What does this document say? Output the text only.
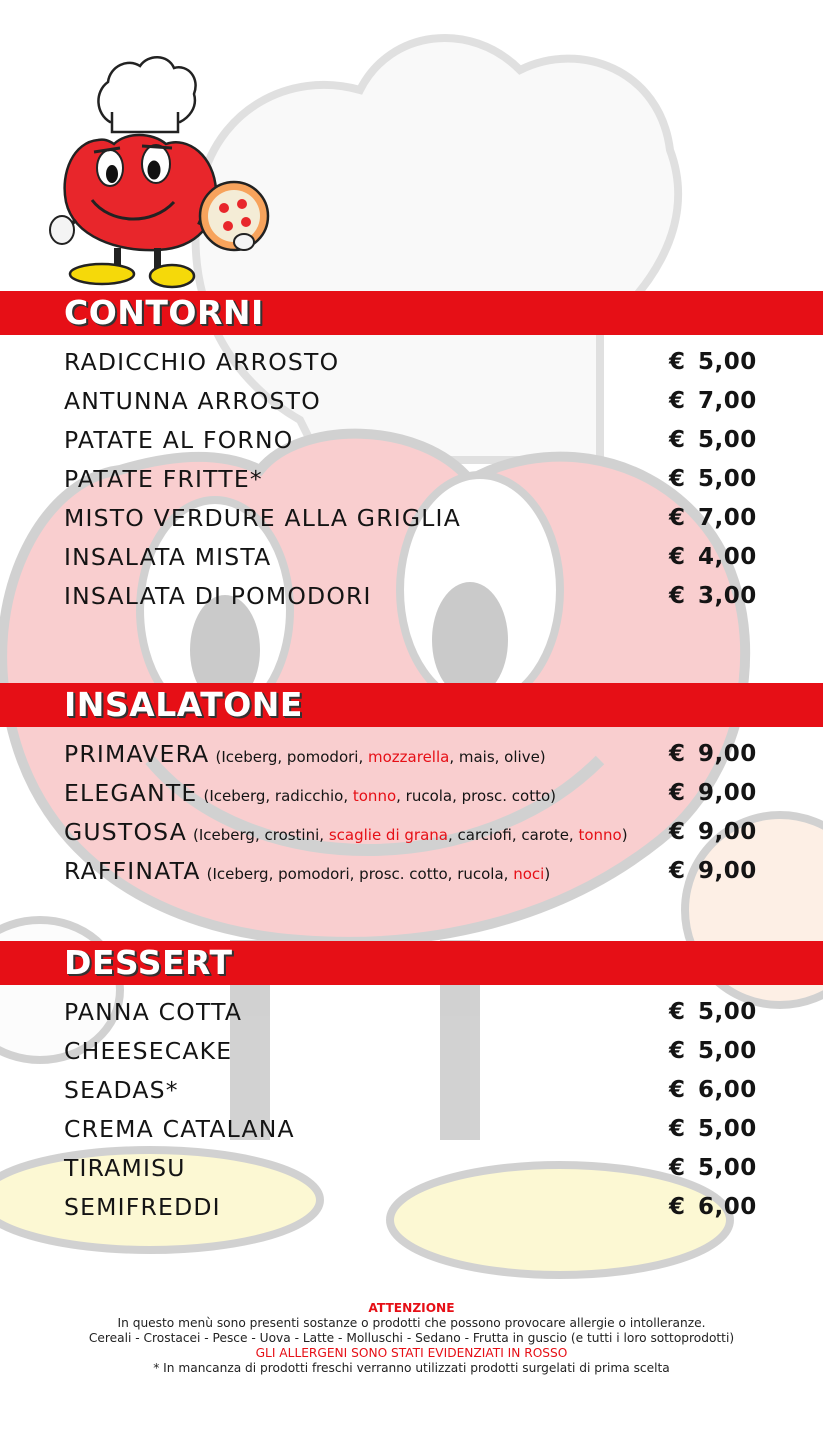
CONTORNI
RADICCHIO ARROSTO	€ 5,00
ANTUNNA ARROSTO	€ 7,00
PATATE AL FORNO	€ 5,00
PATATE FRITTE*	€ 5,00
MISTO VERDURE ALLA GRIGLIA	€ 7,00
INSALATA MISTA	€ 4,00
INSALATA DI POMODORI	€ 3,00
INSALATONE
PRIMAVERA (Iceberg, pomodori, mozzarella, mais, olive)	€ 9,00
ELEGANTE (Iceberg, radicchio, tonno, rucola, prosc. cotto)	€ 9,00
GUSTOSA (Iceberg, crostini, scaglie di grana, carciofi, carote, tonno) € 9,00
RAFFINATA (Iceberg, pomodori, prosc. cotto, rucola, noci)	€ 9,00
DESSERT
PANNA COTTA	€ 5,00
CHEESECAKE	€ 5,00
SEADAS*	€ 6,00
CREMA CATALANA	€ 5,00
TIRAMISU	€ 5,00
SEMIFREDDI	€ 6,00
ATTENZIONE
In questo menù sono presenti sostanze o prodotti che possono provocare allergie o intolleranze.
Cereali - Crostacei - Pesce - Uova - Latte - Molluschi - Sedano - Frutta in guscio (e tutti i loro sottoprodotti)
GLI ALLERGENI SONO STATI EVIDENZIATI IN ROSSO
* In mancanza di prodotti freschi verranno utilizzati prodotti surgelati di prima scelta
